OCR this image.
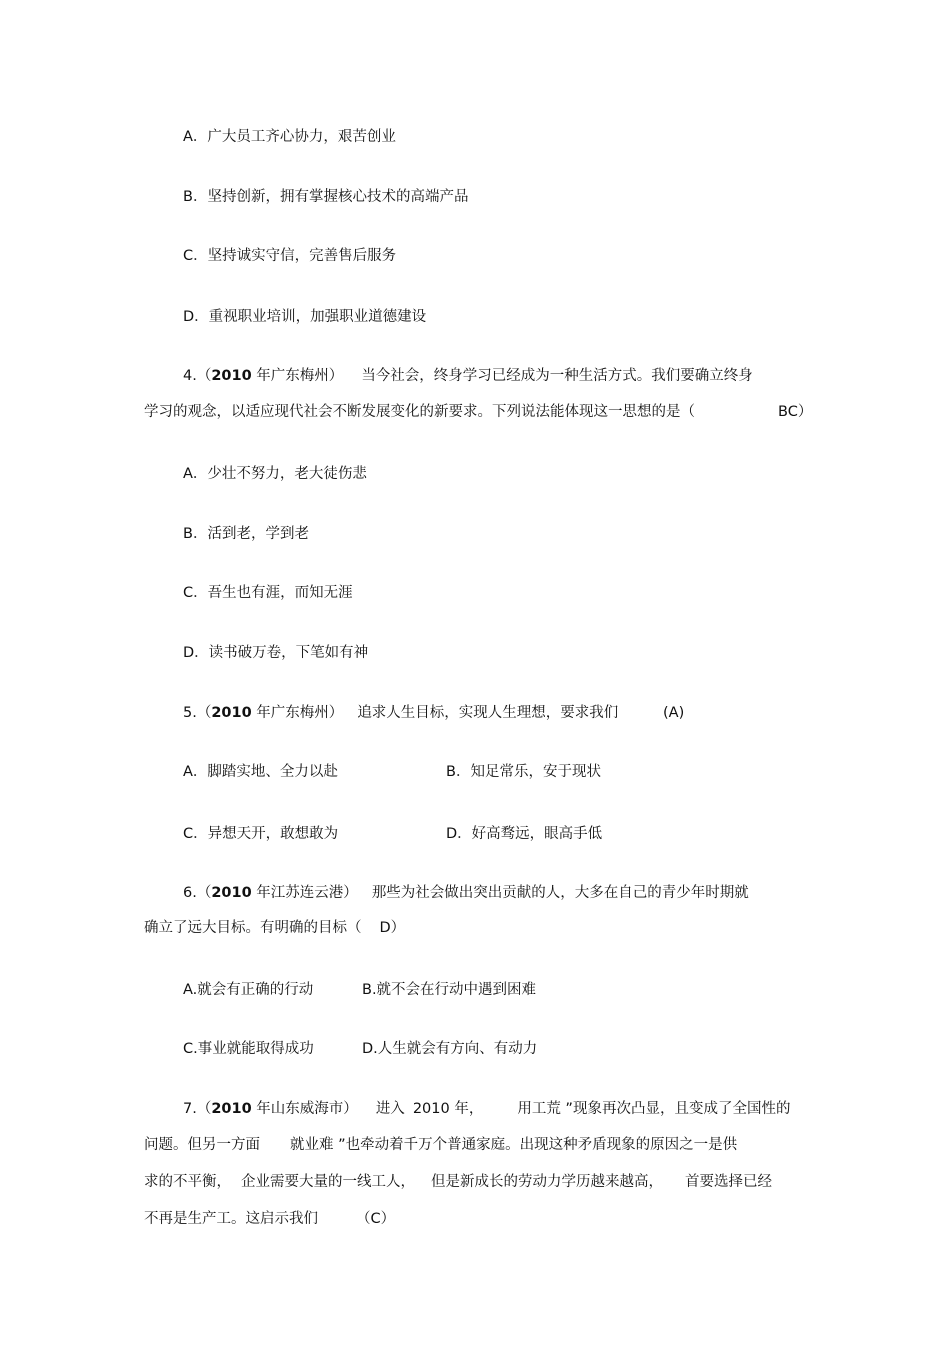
A．广大员工齐心协力，艰苦创业
B．坚持创新，拥有掌握核心技术的高端产品
C．坚持诚实守信，完善售后服务
D．重视职业培训，加强职业道德建设
4.（2010 年广东梅州） 当今社会，终身学习已经成为一种生活方式。我们要确立终身
学习的观念，以适应现代社会不断发展变化的新要求。下列说法能体现这一思想的是（	BC）
A．少壮不努力，老大徒伤悲
B．活到老，学到老
C．吾生也有涯，而知无涯
D．读书破万卷，下笔如有神
5.（2010 年广东梅州） 追求人生目标，实现人生理想，要求我们	(A)
A．脚踏实地、全力以赴	B．知足常乐，安于现状
C．异想天开，敢想敢为	D．好高骛远，眼高手低
6.（2010 年江苏连云港） 那些为社会做出突出贡献的人，大多在自己的青少年时期就
确立了远大目标。有明确的目标（ D）
A.就会有正确的行动	B.就不会在行动中遇到困难
C.事业就能取得成功	D.人生就会有方向、有动力
7.（2010 年山东威海市） 进入 2010 年， 用工荒 ”现象再次凸显，且变成了全国性的
问题。但另一方面 就业难 ”也牵动着千万个普通家庭。出现这种矛盾现象的原因之一是供
求的不平衡， 企业需要大量的一线工人， 但是新成长的劳动力学历越来越高， 首要选择已经
不再是生产工。这启示我们	（C）
